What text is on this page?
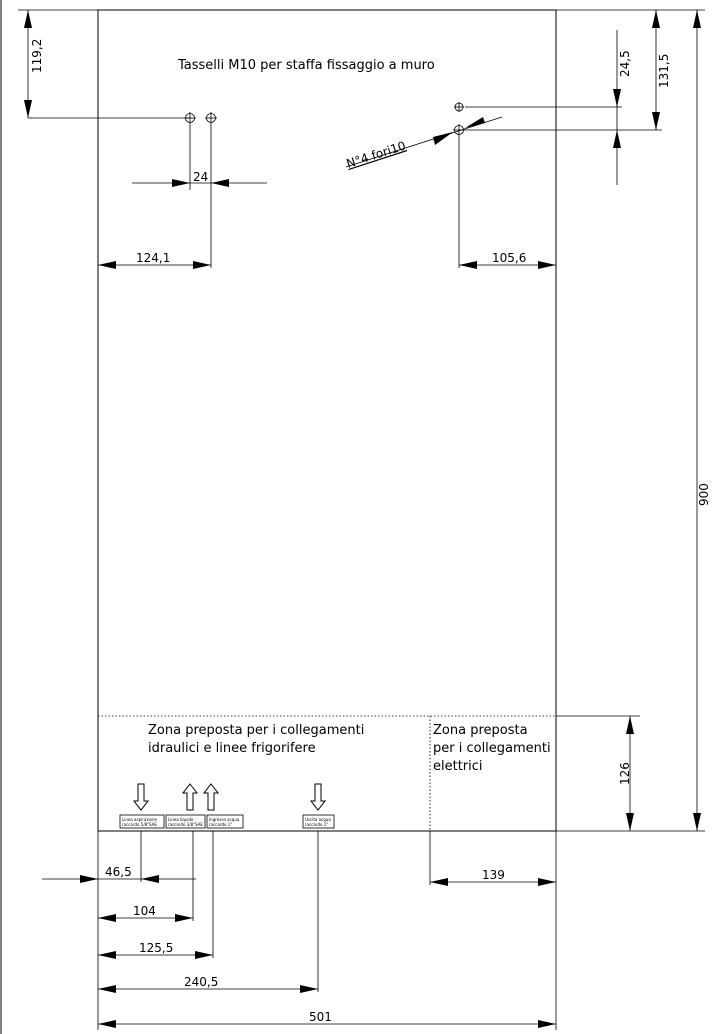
Tasselli M10 per staffa fissaggio a muro
119,2
24
124,1
N°4 fori10
24,5 131,5
105,6
900
Zona preposta per i collegamenti
idraulici e linee frigorifere
Zona preposta
per i collegamenti
elettrici	126
Linea aspirazione
raccordo 5/8"SAE
Linea liquido
raccordo 3/8"SAE
Ingresso acqua
raccordo 1"
Uscita acqua
raccordo 1"
46,5	139
104
125,5
240,5
501
